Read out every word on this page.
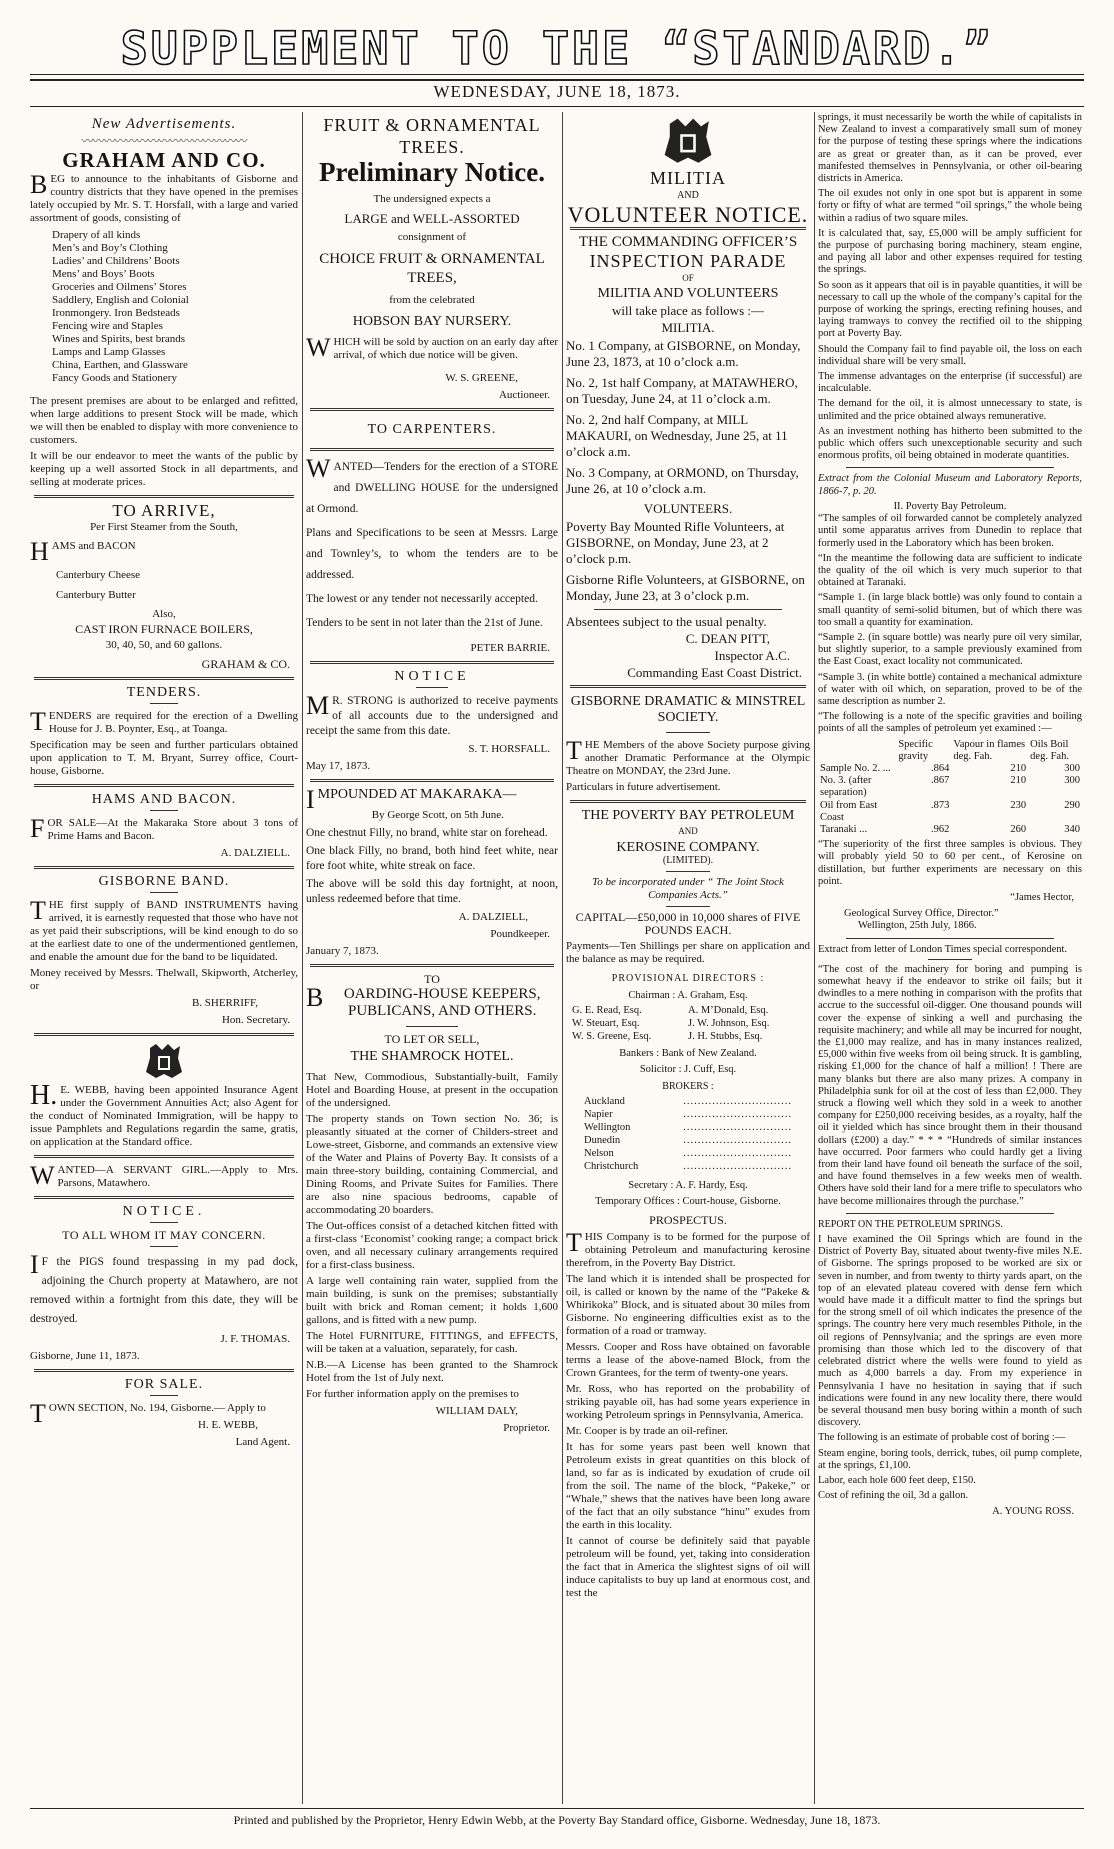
SUPPLEMENT TO THE “STANDARD.”
WEDNESDAY, JUNE 18, 1873.
New Advertisements.
〰〰〰〰〰〰〰〰〰〰〰〰〰〰〰
GRAHAM AND CO.

BEG to announce to the inhabitants of Gisborne and country districts that they have opened in the premises lately occupied by Mr. S. T. Horsfall, with a large and varied assortment of goods, consisting of

Drapery of all kinds
Men’s and Boy’s Clothing
Ladies’ and Childrens’ Boots
Mens’ and Boys’ Boots
Groceries and Oilmens’ Stores
Saddlery, English and Colonial
Ironmongery. Iron Bedsteads
Fencing wire and Staples
Wines and Spirits, best brands
Lamps and Lamp Glasses
China, Earthen, and Glassware
Fancy Goods and Stationery

The present premises are about to be enlarged and refitted, when large additions to present Stock will be made, which we will then be enabled to display with more convenience to customers.

It will be our endeavor to meet the wants of the public by keeping up a well assorted Stock in all departments, and selling at moderate prices.

TO ARRIVE,
Per First Steamer from the South,

HAMS and BACON

Canterbury Cheese
Canterbury Butter
Also,
CAST IRON FURNACE BOILERS,
30, 40, 50, and 60 gallons.
GRAHAM & CO.
TENDERS.

TENDERS are required for the erection of a Dwelling House for J. B. Poynter, Esq., at Toanga.

Specification may be seen and further particulars obtained upon application to T. M. Bryant, Surrey office, Court-house, Gisborne.

HAMS AND BACON.

FOR SALE—At the Makaraka Store about 3 tons of Prime Hams and Bacon.

A. DALZIELL.
GISBORNE BAND.

THE first supply of BAND INSTRUMENTS having arrived, it is earnestly requested that those who have not as yet paid their subscriptions, will be kind enough to do so at the earliest date to one of the undermentioned gentlemen, and enable the amount due for the band to be liquidated.

Money received by Messrs. Thelwall, Skipworth, Atcherley, or

B. SHERRIFF,
Hon. Secretary.

H. E. WEBB, having been appointed Insurance Agent under the Government Annuities Act; also Agent for the conduct of Nominated Immigration, will be happy to issue Pamphlets and Regulations regardin the same, gratis, on application at the Standard office.

WANTED—A SERVANT GIRL.—Apply to Mrs. Parsons, Matawhero.

NOTICE.
TO ALL WHOM IT MAY CONCERN.

I F the PIGS found trespassing in my pad dock, adjoining the Church property at Matawhero, are not removed within a fortnight from this date, they will be destroyed.

J. F. THOMAS.
Gisborne, June 11, 1873.
FOR SALE.

TOWN SECTION, No. 194, Gisborne.— Apply to

H. E. WEBB,
Land Agent.
FRUIT & ORNAMENTAL TREES.
Preliminary Notice.
The undersigned expects a
LARGE and WELL-ASSORTED
consignment of
CHOICE FRUIT & ORNAMENTAL TREES,
from the celebrated
HOBSON BAY NURSERY.

WHICH will be sold by auction on an early day after arrival, of which due notice will be given.

W. S. GREENE,
Auctioneer.
TO CARPENTERS.

WANTED—Tenders for the erection of a STORE and DWELLING HOUSE for the undersigned at Ormond.

Plans and Specifications to be seen at Messrs. Large and Townley’s, to whom the tenders are to be addressed.

The lowest or any tender not necessarily accepted.

Tenders to be sent in not later than the 21st of June.

PETER BARRIE.
NOTICE

M R. STRONG is authorized to receive payments of all accounts due to the undersigned and receipt the same from this date.

S. T. HORSFALL.
May 17, 1873.

IMPOUNDED AT MAKARAKA—

By George Scott, on 5th June.

One chestnut Filly, no brand, white star on forehead.

One black Filly, no brand, both hind feet white, near fore foot white, white streak on face.

The above will be sold this day fortnight, at noon, unless redeemed before that time.

A. DALZIELL,
Poundkeeper.
January 7, 1873.
TO

B OARDING-HOUSE KEEPERS, PUBLICANS, AND OTHERS.

TO LET OR SELL,
THE SHAMROCK HOTEL.

That New, Commodious, Substantially-built, Family Hotel and Boarding House, at present in the occupation of the undersigned.

The property stands on Town section No. 36; is pleasantly situated at the corner of Childers-street and Lowe-street, Gisborne, and commands an extensive view of the Water and Plains of Poverty Bay. It consists of a main three-story building, containing Commercial, and Dining Rooms, and Private Suites for Families. There are also nine spacious bedrooms, capable of accommodating 20 boarders.

The Out-offices consist of a detached kitchen fitted with a first-class ‘Economist’ cooking range; a compact brick oven, and all necessary culinary arrangements required for a first-class business.

A large well containing rain water, supplied from the main building, is sunk on the premises; substantially built with brick and Roman cement; it holds 1,600 gallons, and is fitted with a new pump.

The Hotel FURNITURE, FITTINGS, and EFFECTS, will be taken at a valuation, separately, for cash.

N.B.—A License has been granted to the Shamrock Hotel from the 1st of July next.

For further information apply on the premises to

WILLIAM DALY,
Proprietor.
MILITIA
AND
VOLUNTEER NOTICE.
THE COMMANDING OFFICER’S
INSPECTION PARADE
OF
MILITIA AND VOLUNTEERS
will take place as follows :—
MILITIA.

No. 1 Company, at GISBORNE, on Monday, June 23, 1873, at 10 o’clock a.m.

No. 2, 1st half Company, at MATAWHERO, on Tuesday, June 24, at 11 o’clock a.m.

No. 2, 2nd half Company, at MILL MAKAURI, on Wednesday, June 25, at 11 o’clock a.m.

No. 3 Company, at ORMOND, on Thursday, June 26, at 10 o’clock a.m.

VOLUNTEERS.

Poverty Bay Mounted Rifle Volunteers, at GISBORNE, on Monday, June 23, at 2 o’clock p.m.

Gisborne Rifle Volunteers, at GISBORNE, on Monday, June 23, at 3 o’clock p.m.

Absentees subject to the usual penalty.
C. DEAN PITT,
Inspector A.C.
Commanding East Coast District.
GISBORNE DRAMATIC & MINSTREL SOCIETY.

THE Members of the above Society purpose giving another Dramatic Performance at the Olympic Theatre on MONDAY, the 23rd June.

Particulars in future advertisement.

THE POVERTY BAY PETROLEUM
AND
KEROSINE COMPANY.
(LIMITED).
To be incorporated under “ The Joint Stock Companies Acts.”
CAPITAL—£50,000 in 10,000 shares of FIVE POUNDS EACH.

Payments—Ten Shillings per share on application and the balance as may be required.

PROVISIONAL DIRECTORS :
Chairman : A. Graham, Esq.
G. E. Read, Esq.	A. M’Donald, Esq.
W. Steuart, Esq.	J. W. Johnson, Esq.
W. S. Greene, Esq.	J. H. Stubbs, Esq.
Bankers : Bank of New Zealand.
Solicitor : J. Cuff, Esq.
BROKERS :
Auckland	..............................
Napier	..............................
Wellington	..............................
Dunedin	..............................
Nelson	..............................
Christchurch	..............................
Secretary : A. F. Hardy, Esq.
Temporary Offices : Court-house, Gisborne.
PROSPECTUS.

THIS Company is to be formed for the purpose of obtaining Petroleum and manufacturing kerosine therefrom, in the Poverty Bay District.

The land which it is intended shall be prospected for oil, is called or known by the name of the “Pakeke & Whirikoka” Block, and is situated about 30 miles from Gisborne. No engineering difficulties exist as to the formation of a road or tramway.

Messrs. Cooper and Ross have obtained on favorable terms a lease of the above-named Block, from the Crown Grantees, for the term of twenty-one years.

Mr. Ross, who has reported on the probability of striking payable oil, has had some years experience in working Petroleum springs in Pennsylvania, America.

Mr. Cooper is by trade an oil-refiner.

It has for some years past been well known that Petroleum exists in great quantities on this block of land, so far as is indicated by exudation of crude oil from the soil. The name of the block, “Pakeke,” or “Whale,” shews that the natives have been long aware of the fact that an oily substance “hinu” exudes from the earth in this locality.

It cannot of course be definitely said that payable petroleum will be found, yet, taking into consideration the fact that in America the slightest signs of oil will induce capitalists to buy up land at enormous cost, and test the

springs, it must necessarily be worth the while of capitalists in New Zealand to invest a comparatively small sum of money for the purpose of testing these springs where the indications are as great or greater than, as it can be proved, ever manifested themselves in Pennsylvania, or other oil-bearing districts in America.

The oil exudes not only in one spot but is apparent in some forty or fifty of what are termed “oil springs,” the whole being within a radius of two square miles.

It is calculated that, say, £5,000 will be amply sufficient for the purpose of purchasing boring machinery, steam engine, and paying all labor and other expenses required for testing the springs.

So soon as it appears that oil is in payable quantities, it will be necessary to call up the whole of the company’s capital for the purpose of working the springs, erecting refining houses, and laying tramways to convey the rectified oil to the shipping port at Poverty Bay.

Should the Company fail to find payable oil, the loss on each individual share will be very small.

The immense advantages on the enterprise (if successful) are incalculable.

The demand for the oil, it is almost unnecessary to state, is unlimited and the price obtained always remunerative.

As an investment nothing has hitherto been submitted to the public which offers such unexceptionable security and such enormous profits, oil being obtained in moderate quantities.

Extract from the Colonial Museum and Laboratory Reports, 1866-7, p. 20.

II. Poverty Bay Petroleum.

“The samples of oil forwarded cannot be completely analyzed until some apparatus arrives from Dunedin to replace that formerly used in the Laboratory which has been broken.

“In the meantime the following data are sufficient to indicate the quality of the oil which is very much superior to that obtained at Taranaki.

“Sample 1. (in large black bottle) was only found to contain a small quantity of semi-solid bitumen, but of which there was too small a quantity for examination.

“Sample 2. (in square bottle) was nearly pure oil very similar, but slightly superior, to a sample previously examined from the East Coast, exact locality not communicated.

“Sample 3. (in white bottle) contained a mechanical admixture of water with oil which, on separation, proved to be of the same description as number 2.

“The following is a note of the specific gravities and boiling points of all the samples of petroleum yet examined :—

	Specific gravity	Vapour in flames deg. Fah.	Oils Boil deg. Fah.
Sample No. 2. ...	.864	210	300
No. 3. (after separation)	.867	210	300
Oil from East Coast	.873	230	290
Taranaki ...	.962	260	340

“The superiority of the first three samples is obvious. They will probably yield 50 to 60 per cent., of Kerosine on distillation, but further experiments are necessary on this point.

“James Hector,
Geological Survey Office, Director.”
Wellington, 25th July, 1866.

Extract from letter of London Times special correspondent.

“The cost of the machinery for boring and pumping is somewhat heavy if the endeavor to strike oil fails; but it dwindles to a mere nothing in comparison with the profits that accrue to the successful oil-digger. One thousand pounds will cover the expense of sinking a well and purchasing the requisite machinery; and while all may be incurred for nought, the £1,000 may realize, and has in many instances realized, £5,000 within five weeks from oil being struck. It is gambling, risking £1,000 for the chance of half a million! ! There are many blanks but there are also many prizes. A company in Philadelphia sunk for oil at the cost of less than £2,000. They struck a flowing well which they sold in a week to another company for £250,000 receiving besides, as a royalty, half the oil it yielded which has since brought them in their thousand dollars (£200) a day.” * * * “Hundreds of similar instances have occurred. Poor farmers who could hardly get a living from their land have found oil beneath the surface of the soil, and have found themselves in a few weeks men of wealth. Others have sold their land for a mere trifle to speculators who have become millionaires through the purchase.”

REPORT ON THE PETROLEUM SPRINGS.

I have examined the Oil Springs which are found in the District of Poverty Bay, situated about twenty-five miles N.E. of Gisborne. The springs proposed to be worked are six or seven in number, and from twenty to thirty yards apart, on the top of an elevated plateau covered with dense fern which would have made it a difficult matter to find the springs but for the strong smell of oil which indicates the presence of the springs. The country here very much resembles Pithole, in the oil regions of Pennsylvania; and the springs are even more promising than those which led to the discovery of that celebrated district where the wells were found to yield as much as 4,000 barrels a day. From my experience in Pennsylvania I have no hesitation in saying that if such indications were found in any new locality there, there would be several thousand men busy boring within a month of such discovery.

The following is an estimate of probable cost of boring :—

Steam engine, boring tools, derrick, tubes, oil pump complete, at the springs, £1,100.

Labor, each hole 600 feet deep, £150.

Cost of refining the oil, 3d a gallon.

A. YOUNG ROSS.
Printed and published by the Proprietor, Henry Edwin Webb, at the Poverty Bay Standard office, Gisborne. Wednesday, June 18, 1873.
